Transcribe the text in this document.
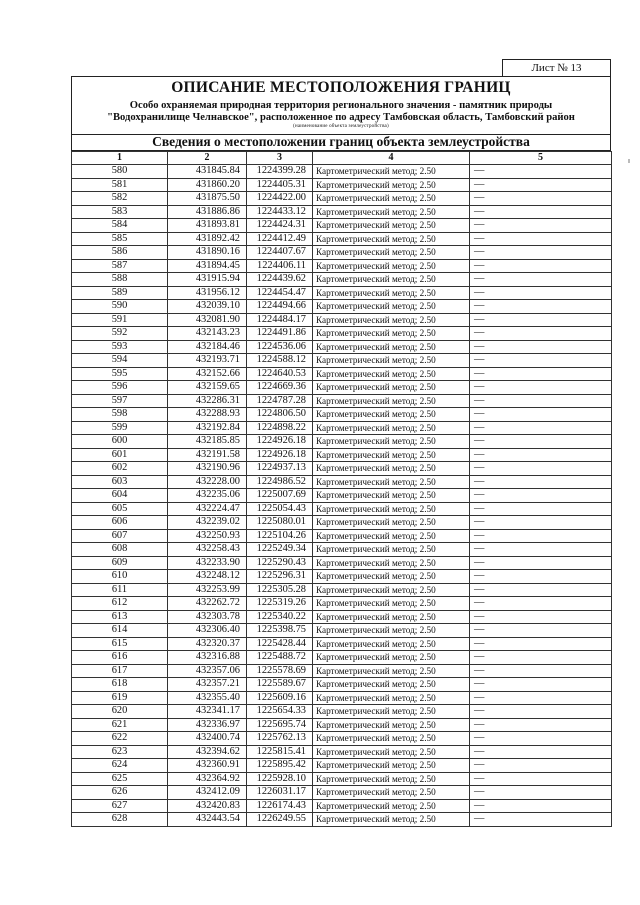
Лист № 13
ОПИСАНИЕ МЕСТОПОЛОЖЕНИЯ ГРАНИЦ
Особо охраняемая природная территория регионального значения - памятник природы
"Водохранилище Челнавское", расположенное по адресу Тамбовская область, Тамбовский район
(наименование объекта землеустройства)
Сведения о местоположении границ объекта землеустройства
1	2	3	4	5
580	431845.84	1224399.28	Картометрический метод; 2.50	—
581	431860.20	1224405.31	Картометрический метод; 2.50	—
582	431875.50	1224422.00	Картометрический метод; 2.50	—
583	431886.86	1224433.12	Картометрический метод; 2.50	—
584	431893.81	1224424.31	Картометрический метод; 2.50	—
585	431892.42	1224412.49	Картометрический метод; 2.50	—
586	431890.16	1224407.67	Картометрический метод; 2.50	—
587	431894.45	1224406.11	Картометрический метод; 2.50	—
588	431915.94	1224439.62	Картометрический метод; 2.50	—
589	431956.12	1224454.47	Картометрический метод; 2.50	—
590	432039.10	1224494.66	Картометрический метод; 2.50	—
591	432081.90	1224484.17	Картометрический метод; 2.50	—
592	432143.23	1224491.86	Картометрический метод; 2.50	—
593	432184.46	1224536.06	Картометрический метод; 2.50	—
594	432193.71	1224588.12	Картометрический метод; 2.50	—
595	432152.66	1224640.53	Картометрический метод; 2.50	—
596	432159.65	1224669.36	Картометрический метод; 2.50	—
597	432286.31	1224787.28	Картометрический метод; 2.50	—
598	432288.93	1224806.50	Картометрический метод; 2.50	—
599	432192.84	1224898.22	Картометрический метод; 2.50	—
600	432185.85	1224926.18	Картометрический метод; 2.50	—
601	432191.58	1224926.18	Картометрический метод; 2.50	—
602	432190.96	1224937.13	Картометрический метод; 2.50	—
603	432228.00	1224986.52	Картометрический метод; 2.50	—
604	432235.06	1225007.69	Картометрический метод; 2.50	—
605	432224.47	1225054.43	Картометрический метод; 2.50	—
606	432239.02	1225080.01	Картометрический метод; 2.50	—
607	432250.93	1225104.26	Картометрический метод; 2.50	—
608	432258.43	1225249.34	Картометрический метод; 2.50	—
609	432233.90	1225290.43	Картометрический метод; 2.50	—
610	432248.12	1225296.31	Картометрический метод; 2.50	—
611	432253.99	1225305.28	Картометрический метод; 2.50	—
612	432262.72	1225319.26	Картометрический метод; 2.50	—
613	432303.78	1225340.22	Картометрический метод; 2.50	—
614	432306.40	1225398.75	Картометрический метод; 2.50	—
615	432320.37	1225428.44	Картометрический метод; 2.50	—
616	432316.88	1225488.72	Картометрический метод; 2.50	—
617	432357.06	1225578.69	Картометрический метод; 2.50	—
618	432357.21	1225589.67	Картометрический метод; 2.50	—
619	432355.40	1225609.16	Картометрический метод; 2.50	—
620	432341.17	1225654.33	Картометрический метод; 2.50	—
621	432336.97	1225695.74	Картометрический метод; 2.50	—
622	432400.74	1225762.13	Картометрический метод; 2.50	—
623	432394.62	1225815.41	Картометрический метод; 2.50	—
624	432360.91	1225895.42	Картометрический метод; 2.50	—
625	432364.92	1225928.10	Картометрический метод; 2.50	—
626	432412.09	1226031.17	Картометрический метод; 2.50	—
627	432420.83	1226174.43	Картометрический метод; 2.50	—
628	432443.54	1226249.55	Картометрический метод; 2.50	—
